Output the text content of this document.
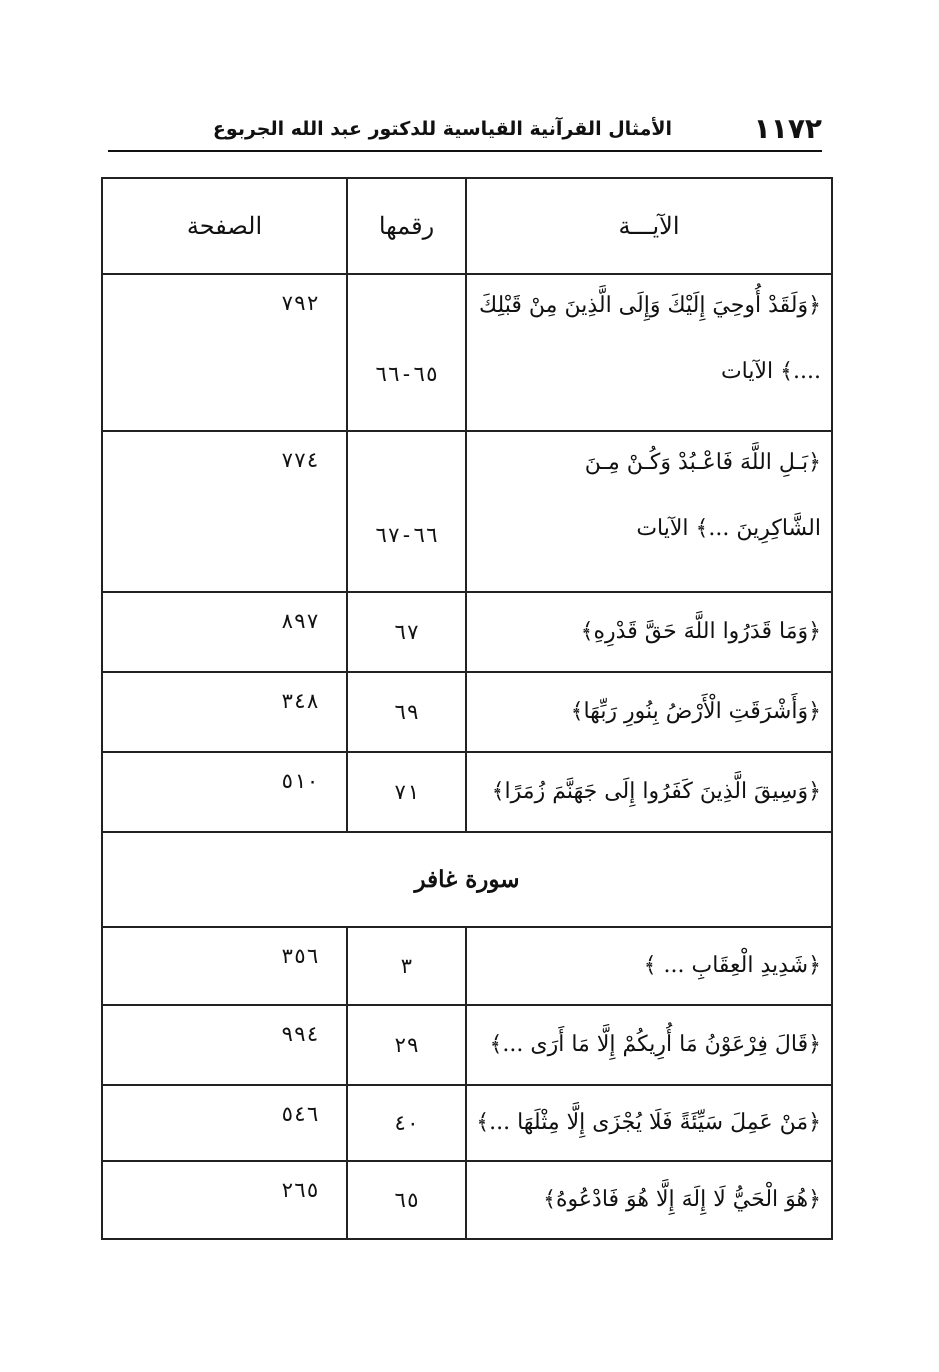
١١٧٢
الأمثال القرآنية القياسية للدكتور عبد الله الجربوع
الآيـــة	رقمها	الصفحة

﴿وَلَقَدْ أُوحِيَ إِلَيْكَ وَإِلَى الَّذِينَ مِنْ قَبْلِكَ
....﴾ الآيات	٦٥-٦٦	٧٩٢

﴿بَـلِ اللَّهَ فَاعْـبُدْ وَكُـنْ مِـنَ
الشَّاكِرِينَ ...﴾ الآيات	٦٦-٦٧	٧٧٤
﴿وَمَا قَدَرُوا اللَّهَ حَقَّ قَدْرِهِ﴾	٦٧	٨٩٧
﴿وَأَشْرَقَتِ الْأَرْضُ بِنُورِ رَبِّهَا﴾	٦٩	٣٤٨
﴿وَسِيقَ الَّذِينَ كَفَرُوا إِلَى جَهَنَّمَ زُمَرًا﴾	٧١	٥١٠
سورة غافر		
﴿شَدِيدِ الْعِقَابِ ... ﴾	٣	٣٥٦
﴿قَالَ فِرْعَوْنُ مَا أُرِيكُمْ إِلَّا مَا أَرَى ...﴾	٢٩	٩٩٤
﴿مَنْ عَمِلَ سَيِّئَةً فَلَا يُجْزَى إِلَّا مِثْلَهَا ...﴾	٤٠	٥٤٦
﴿هُوَ الْحَيُّ لَا إِلَهَ إِلَّا هُوَ فَادْعُوهُ﴾	٦٥	٢٦٥
